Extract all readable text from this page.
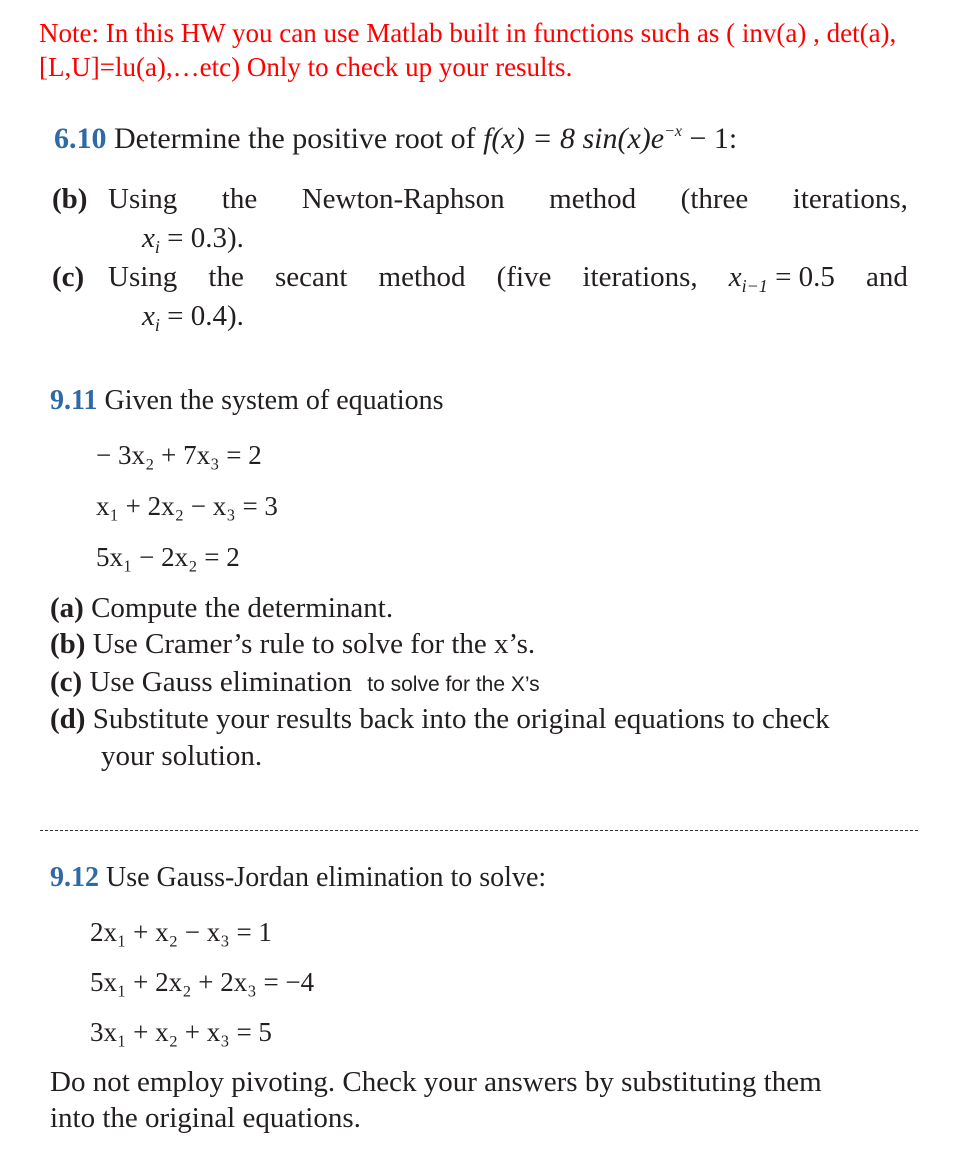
Note: In this HW you can use Matlab built in functions such as ( inv(a) , det(a),
[L,U]=lu(a),…etc) Only to check up your results.
6.10 Determine the positive root of f(x) = 8 $\sin(x)e^{-x} - 1$:
(b) Using the Newton-Raphson method (three iterations,
$x_i = 0.3$).
(c) Using the secant method (five iterations, $x_{i-1} = 0.5$ and
$x_i = 0.4$).
9.11 Given the system of equations
− 3x₂ + 7x₃ = 2
x₁ + 2x₂ − x₃ = 3
5x₁ − 2x₂ = 2
(a) Compute the determinant.
(b) Use Cramer’s rule to solve for the x’s.
(c) Use Gauss elimination to solve for the X’s
(d) Substitute your results back into the original equations to check
your solution.
9.12 Use Gauss-Jordan elimination to solve:
2x₁ + x₂ − x₃ = 1
5x₁ + 2x₂ + 2x₃ = −4
3x₁ + x₂ + x₃ = 5
Do not employ pivoting. Check your answers by substituting them
into the original equations.
